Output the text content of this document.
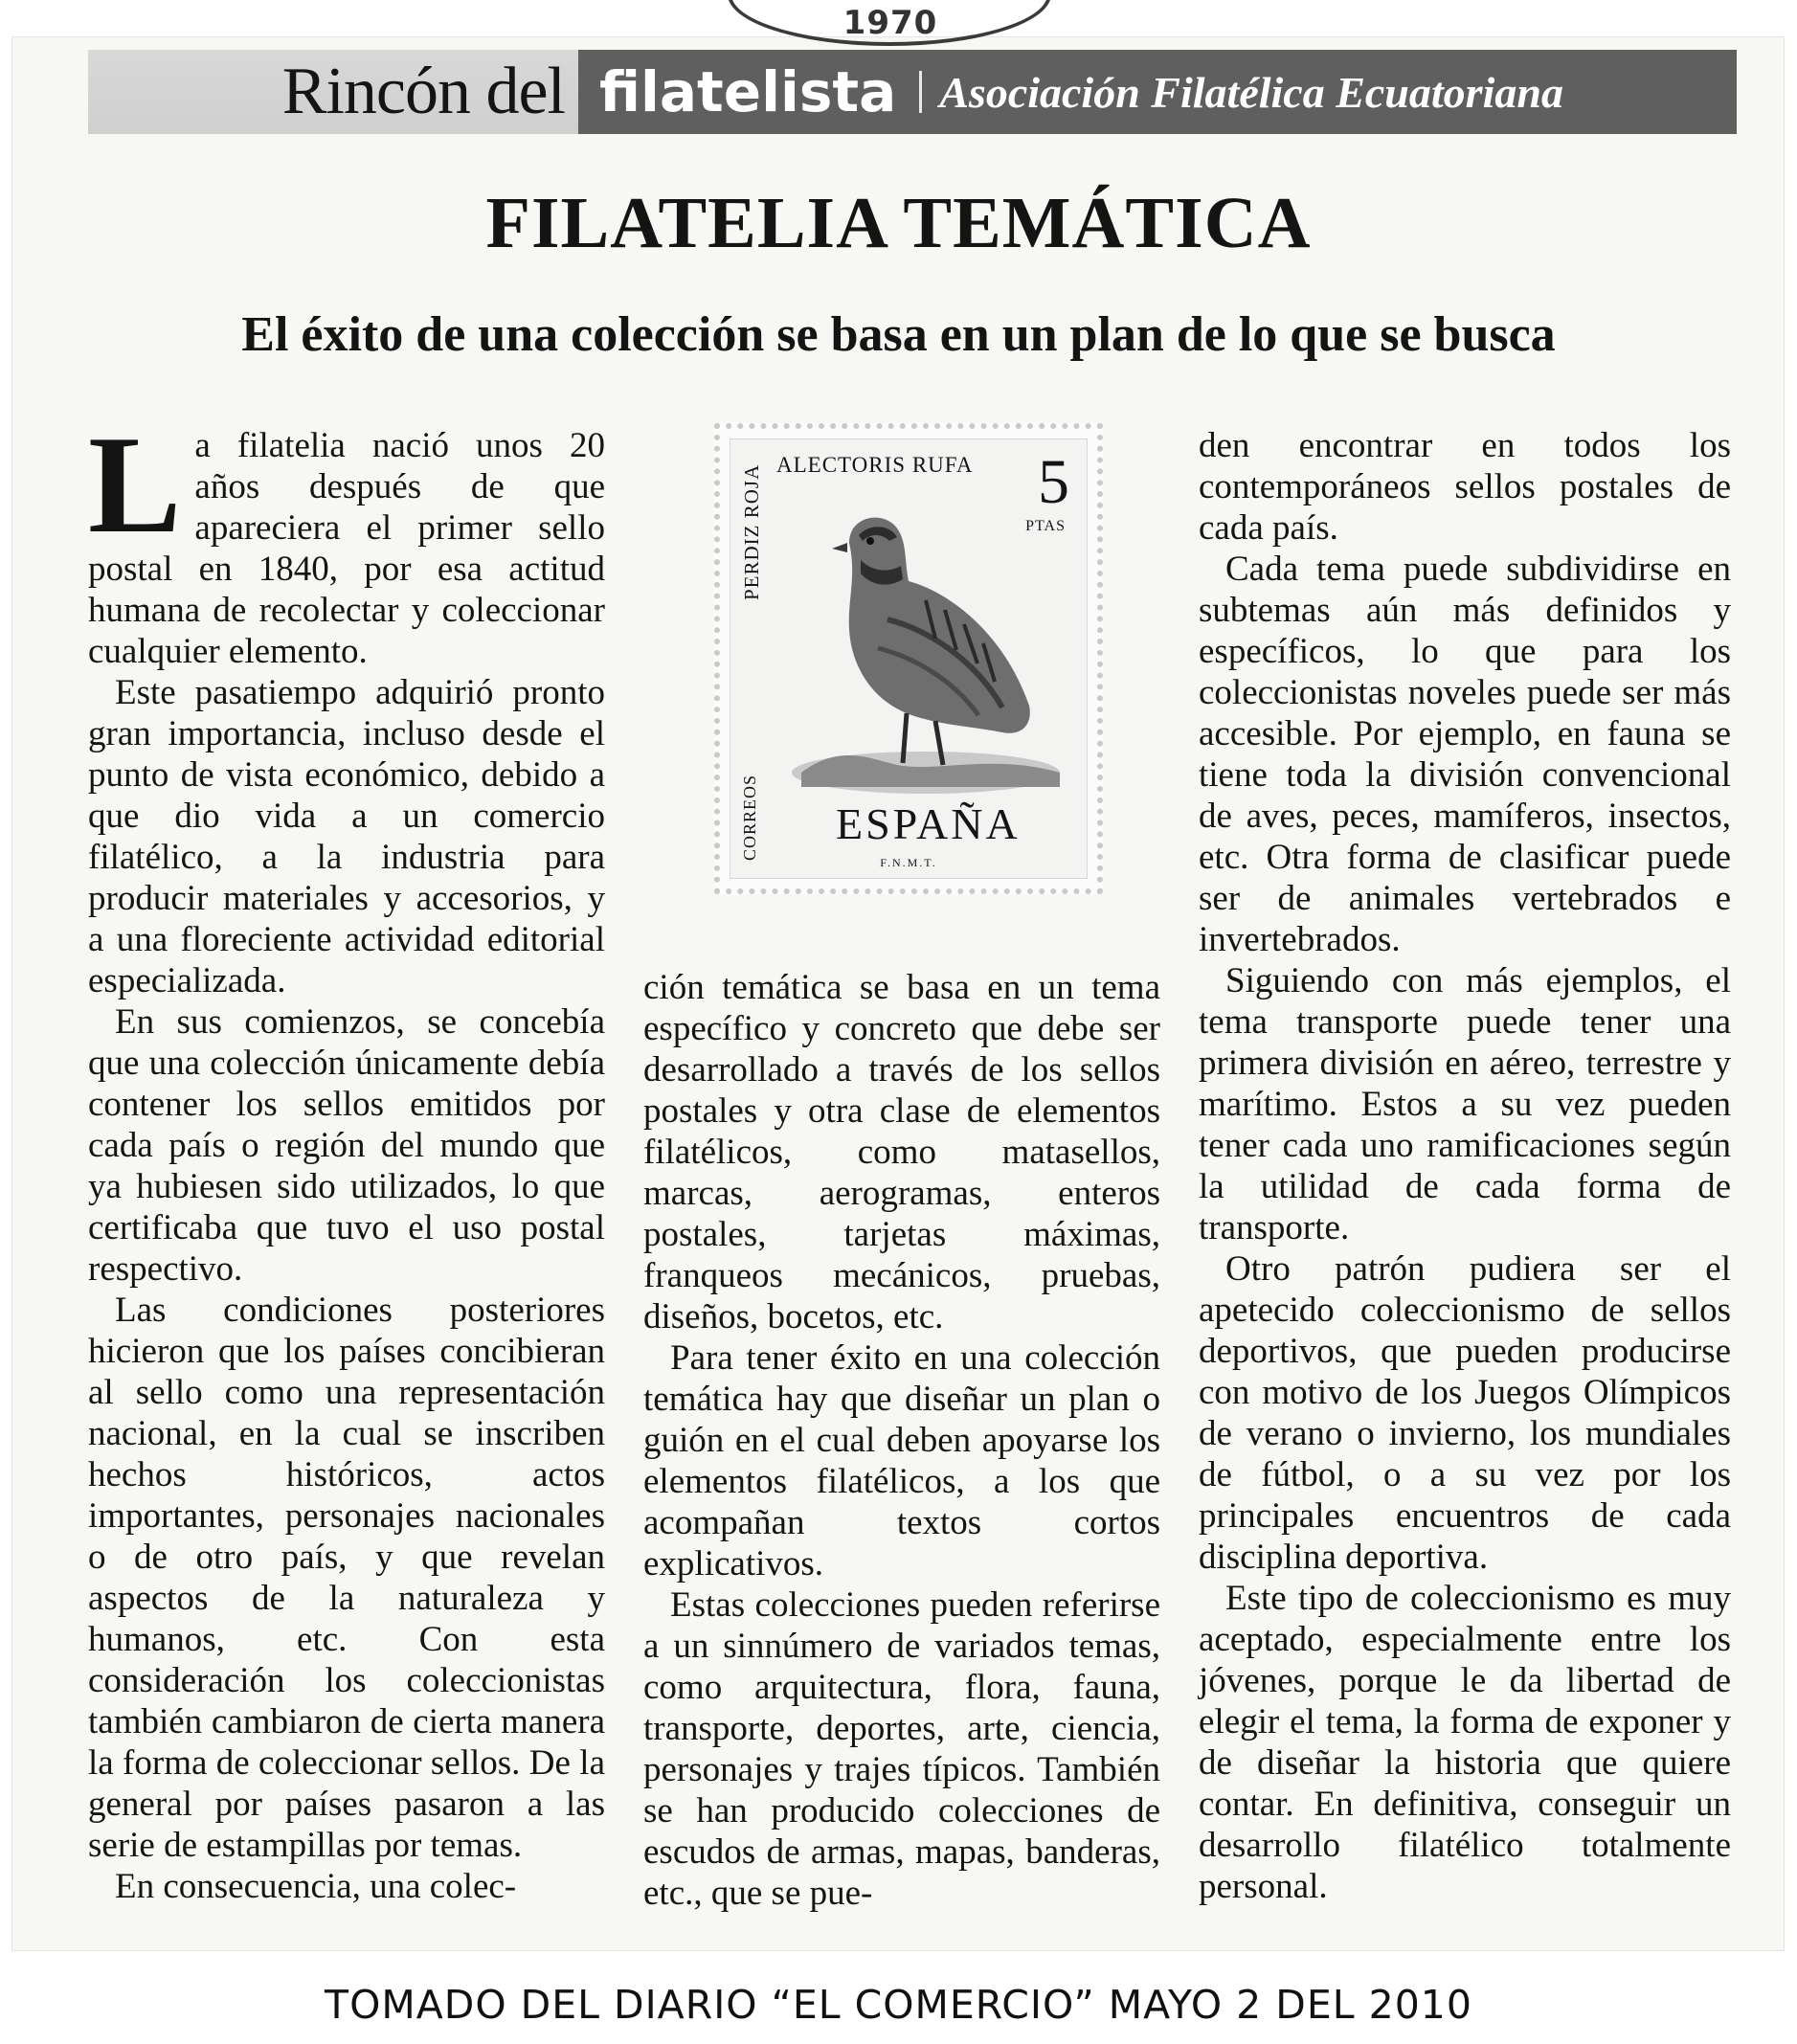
1970
Rincón del filatelista Asociación Filatélica Ecuatoriana
FILATELIA TEMÁTICA
El éxito de una colección se basa en un plan de lo que se busca

La filatelia nació unos 20 años después de que apareciera el primer sello postal en 1840, por esa actitud humana de recolectar y coleccionar cualquier elemento.

Este pasatiempo adquirió pronto gran importancia, incluso desde el punto de vista económico, debido a que dio vida a un comercio filatélico, a la industria para producir materiales y accesorios, y a una floreciente actividad editorial especializada.

En sus comienzos, se concebía que una colección únicamente debía contener los sellos emitidos por cada país o región del mundo que ya hubiesen sido utilizados, lo que certificaba que tuvo el uso postal respectivo.

Las condiciones posteriores hicieron que los países concibieran al sello como una representación nacional, en la cual se inscriben hechos históricos, actos importantes, personajes nacionales o de otro país, y que revelan aspectos de la naturaleza y humanos, etc. Con esta consideración los coleccionistas también cambiaron de cierta manera la forma de coleccionar sellos. De la general por países pasaron a las serie de estampillas por temas.

En consecuencia, una colec-

ALECTORIS RUFA 5
PTAS
PERDIZ ROJA
CORREOS ESPAÑA
F.N.M.T.

ción temática se basa en un tema específico y concreto que debe ser desarrollado a través de los sellos postales y otra clase de elementos filatélicos, como matasellos, marcas, aerogramas, enteros postales, tarjetas máximas, franqueos mecánicos, pruebas, diseños, bocetos, etc.

Para tener éxito en una colección temática hay que diseñar un plan o guión en el cual deben apoyarse los elementos filatélicos, a los que acompañan textos cortos explicativos.

Estas colecciones pueden referirse a un sinnúmero de variados temas, como arquitectura, flora, fauna, transporte, deportes, arte, ciencia, personajes y trajes típicos. También se han producido colecciones de escudos de armas, mapas, banderas, etc., que se pue-

den encontrar en todos los contemporáneos sellos postales de cada país.

Cada tema puede subdividirse en subtemas aún más definidos y específicos, lo que para los coleccionistas noveles puede ser más accesible. Por ejemplo, en fauna se tiene toda la división convencional de aves, peces, mamíferos, insectos, etc. Otra forma de clasificar puede ser de animales vertebrados e invertebrados.

Siguiendo con más ejemplos, el tema transporte puede tener una primera división en aéreo, terrestre y marítimo. Estos a su vez pueden tener cada uno ramificaciones según la utilidad de cada forma de transporte.

Otro patrón pudiera ser el apetecido coleccionismo de sellos deportivos, que pueden producirse con motivo de los Juegos Olímpicos de verano o invierno, los mundiales de fútbol, o a su vez por los principales encuentros de cada disciplina deportiva.

Este tipo de coleccionismo es muy aceptado, especialmente entre los jóvenes, porque le da libertad de elegir el tema, la forma de exponer y de diseñar la historia que quiere contar. En definitiva, conseguir un desarrollo filatélico totalmente personal.

TOMADO DEL DIARIO “EL COMERCIO” MAYO 2 DEL 2010
